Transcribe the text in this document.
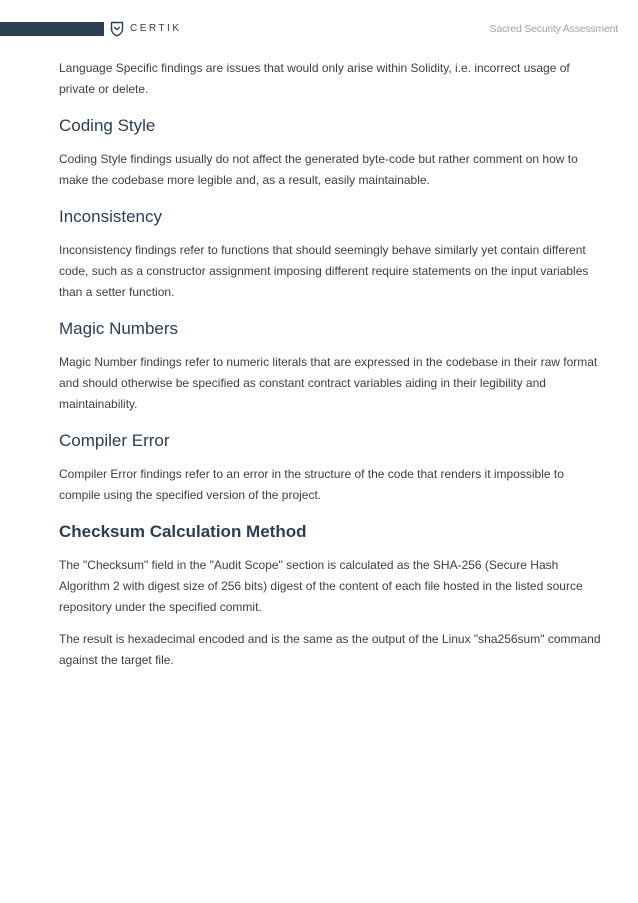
CERTIK	Sacred Security Assessment

Language Specific findings are issues that would only arise within Solidity, i.e. incorrect usage of private or delete.

Coding Style

Coding Style findings usually do not affect the generated byte-code but rather comment on how to make the codebase more legible and, as a result, easily maintainable.

Inconsistency

Inconsistency findings refer to functions that should seemingly behave similarly yet contain different code, such as a constructor assignment imposing different require statements on the input variables than a setter function.

Magic Numbers

Magic Number findings refer to numeric literals that are expressed in the codebase in their raw format and should otherwise be specified as constant contract variables aiding in their legibility and maintainability.

Compiler Error

Compiler Error findings refer to an error in the structure of the code that renders it impossible to compile using the specified version of the project.

Checksum Calculation Method

The "Checksum" field in the "Audit Scope" section is calculated as the SHA-256 (Secure Hash Algorithm 2 with digest size of 256 bits) digest of the content of each file hosted in the listed source repository under the specified commit.

The result is hexadecimal encoded and is the same as the output of the Linux "sha256sum" command against the target file.
